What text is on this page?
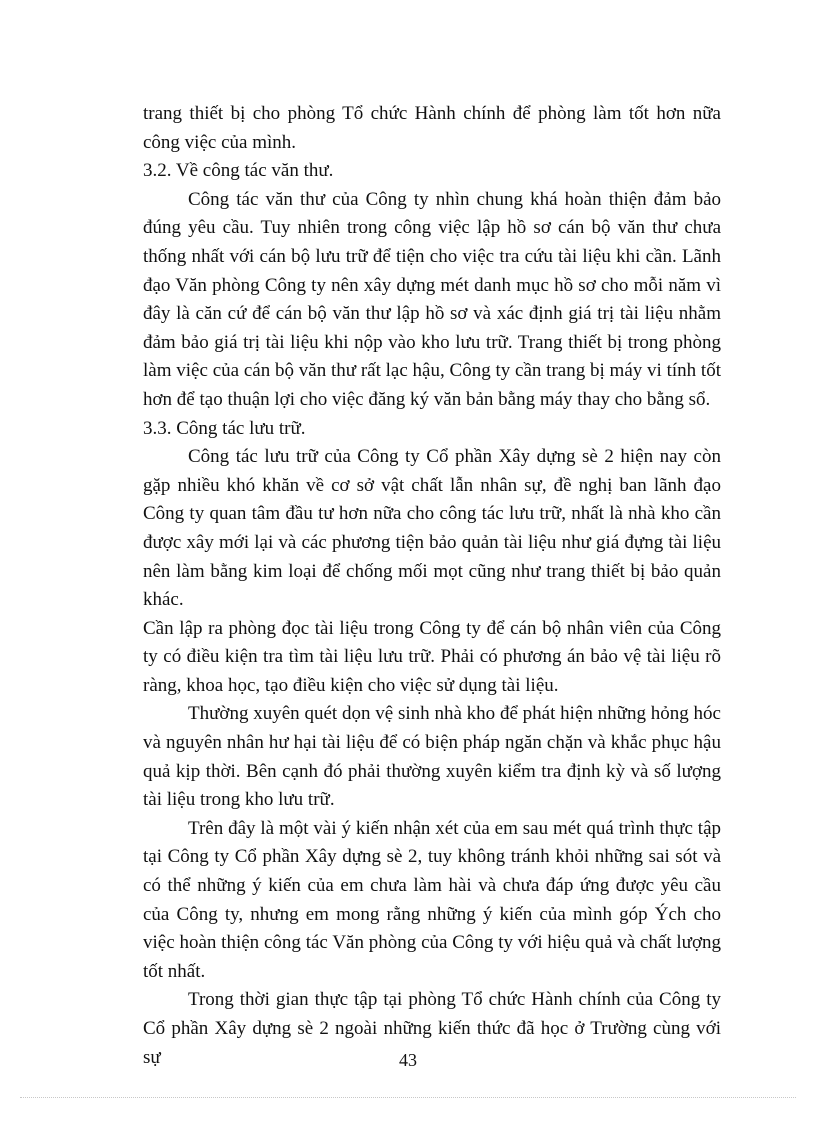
trang thiết bị cho phòng Tổ chức Hành chính để phòng làm tốt hơn nữa công việc của mình.

3.2. Về công tác văn thư.

Công tác văn thư của Công ty nhìn chung khá hoàn thiện đảm bảo đúng yêu cầu. Tuy nhiên trong công việc lập hồ sơ cán bộ văn thư chưa thống nhất với cán bộ lưu trữ để tiện cho việc tra cứu tài liệu khi cần. Lãnh đạo Văn phòng Công ty nên xây dựng mét danh mục hồ sơ cho mỗi năm vì đây là căn cứ để cán bộ văn thư lập hồ sơ và xác định giá trị tài liệu nhằm đảm bảo giá trị tài liệu khi nộp vào kho lưu trữ. Trang thiết bị trong phòng làm việc của cán bộ văn thư rất lạc hậu, Công ty cần trang bị máy vi tính tốt hơn để tạo thuận lợi cho việc đăng ký văn bản bằng máy thay cho bằng sổ.

3.3. Công tác lưu trữ.

Công tác lưu trữ của Công ty Cổ phần Xây dựng sè 2 hiện nay còn gặp nhiều khó khăn về cơ sở vật chất lẫn nhân sự, đề nghị ban lãnh đạo Công ty quan tâm đầu tư hơn nữa cho công tác lưu trữ, nhất là nhà kho cần được xây mới lại và các phương tiện bảo quản tài liệu như giá đựng tài liệu nên làm bằng kim loại để chống mối mọt cũng như trang thiết bị bảo quản khác.

Cần lập ra phòng đọc tài liệu trong Công ty để cán bộ nhân viên của Công ty có điều kiện tra tìm tài liệu lưu trữ. Phải có phương án bảo vệ tài liệu rõ ràng, khoa học, tạo điều kiện cho việc sử dụng tài liệu.

Thường xuyên quét dọn vệ sinh nhà kho để phát hiện những hỏng hóc và nguyên nhân hư hại tài liệu để có biện pháp ngăn chặn và khắc phục hậu quả kịp thời. Bên cạnh đó phải thường xuyên kiểm tra định kỳ và số lượng tài liệu trong kho lưu trữ.

Trên đây là một vài ý kiến nhận xét của em sau mét quá trình thực tập tại Công ty Cổ phần Xây dựng sè 2, tuy không tránh khỏi những sai sót và có thể những ý kiến của em chưa làm hài và chưa đáp ứng được yêu cầu của Công ty, nhưng em mong rằng những ý kiến của mình góp Ých cho việc hoàn thiện công tác Văn phòng của Công ty với hiệu quả và chất lượng tốt nhất.

Trong thời gian thực tập tại phòng Tổ chức Hành chính của Công ty Cổ phần Xây dựng sè 2 ngoài những kiến thức đã học ở Trường cùng với sự	43
